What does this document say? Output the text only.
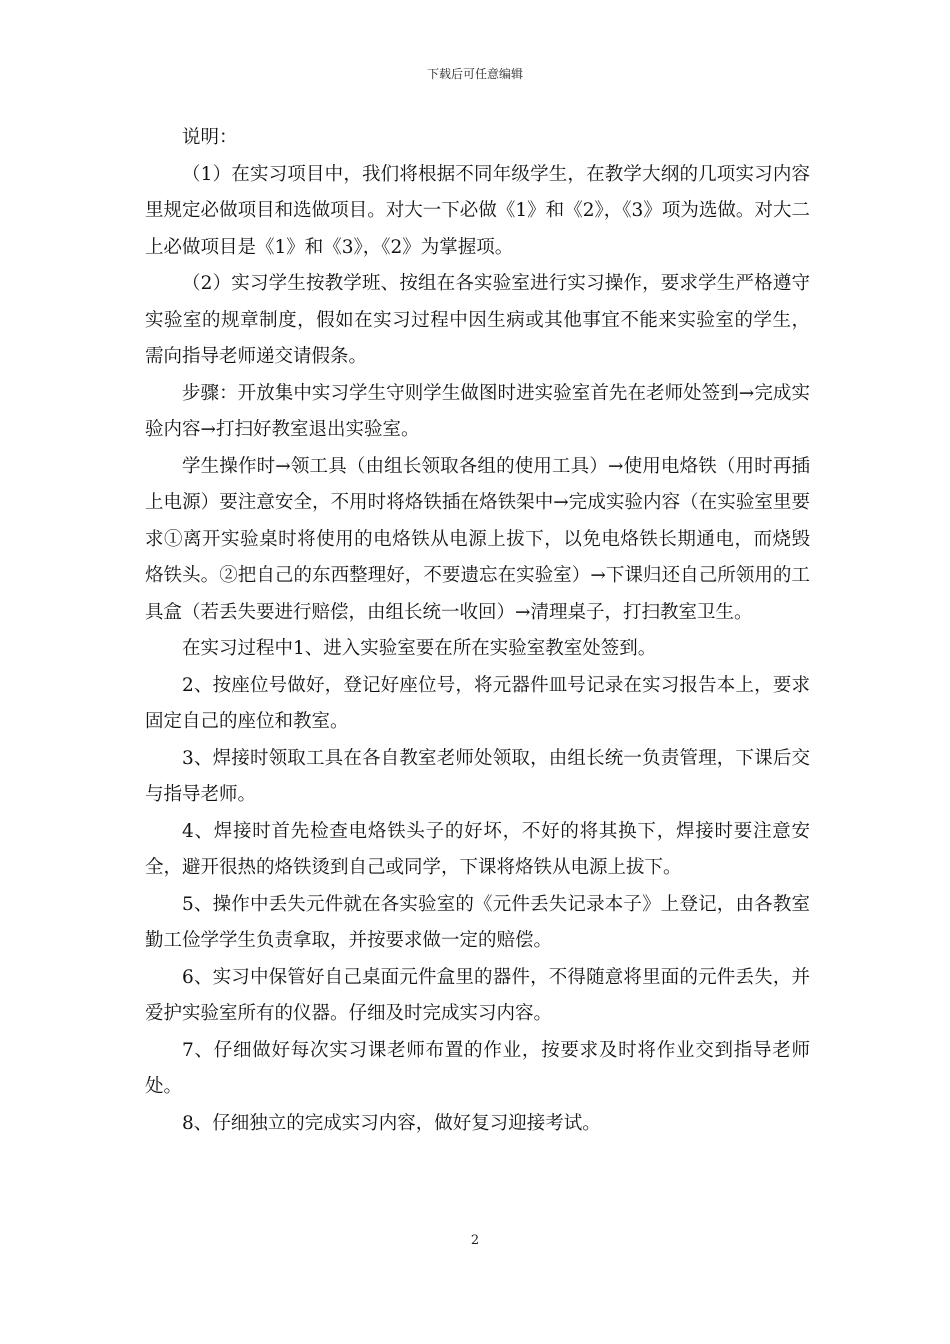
下载后可任意编辑

说明：

（1）在实习项目中，我们将根据不同年级学生，在教学大纲的几项实习内容里规定必做项目和选做项目。对大一下必做《1》和《2》，《3》项为选做。对大二上必做项目是《1》和《3》，《2》为掌握项。

（2）实习学生按教学班、按组在各实验室进行实习操作，要求学生严格遵守实验室的规章制度，假如在实习过程中因生病或其他事宜不能来实验室的学生，需向指导老师递交请假条。

步骤：开放集中实习学生守则学生做图时进实验室首先在老师处签到→完成实验内容→打扫好教室退出实验室。

学生操作时→领工具（由组长领取各组的使用工具）→使用电烙铁（用时再插上电源）要注意安全，不用时将烙铁插在烙铁架中→完成实验内容（在实验室里要求①离开实验桌时将使用的电烙铁从电源上拔下，以免电烙铁长期通电，而烧毁烙铁头。②把自己的东西整理好，不要遗忘在实验室）→下课归还自己所领用的工具盒（若丢失要进行赔偿，由组长统一收回）→清理桌子，打扫教室卫生。

在实习过程中1、进入实验室要在所在实验室教室处签到。

2、按座位号做好，登记好座位号，将元器件皿号记录在实习报告本上，要求固定自己的座位和教室。

3、焊接时领取工具在各自教室老师处领取，由组长统一负责管理，下课后交与指导老师。

4、焊接时首先检查电烙铁头子的好坏，不好的将其换下，焊接时要注意安全，避开很热的烙铁烫到自己或同学，下课将烙铁从电源上拔下。

5、操作中丢失元件就在各实验室的《元件丢失记录本子》上登记，由各教室勤工俭学学生负责拿取，并按要求做一定的赔偿。

6、实习中保管好自己桌面元件盒里的器件，不得随意将里面的元件丢失，并爱护实验室所有的仪器。仔细及时完成实习内容。

7、仔细做好每次实习课老师布置的作业，按要求及时将作业交到指导老师处。

8、仔细独立的完成实习内容，做好复习迎接考试。

2
